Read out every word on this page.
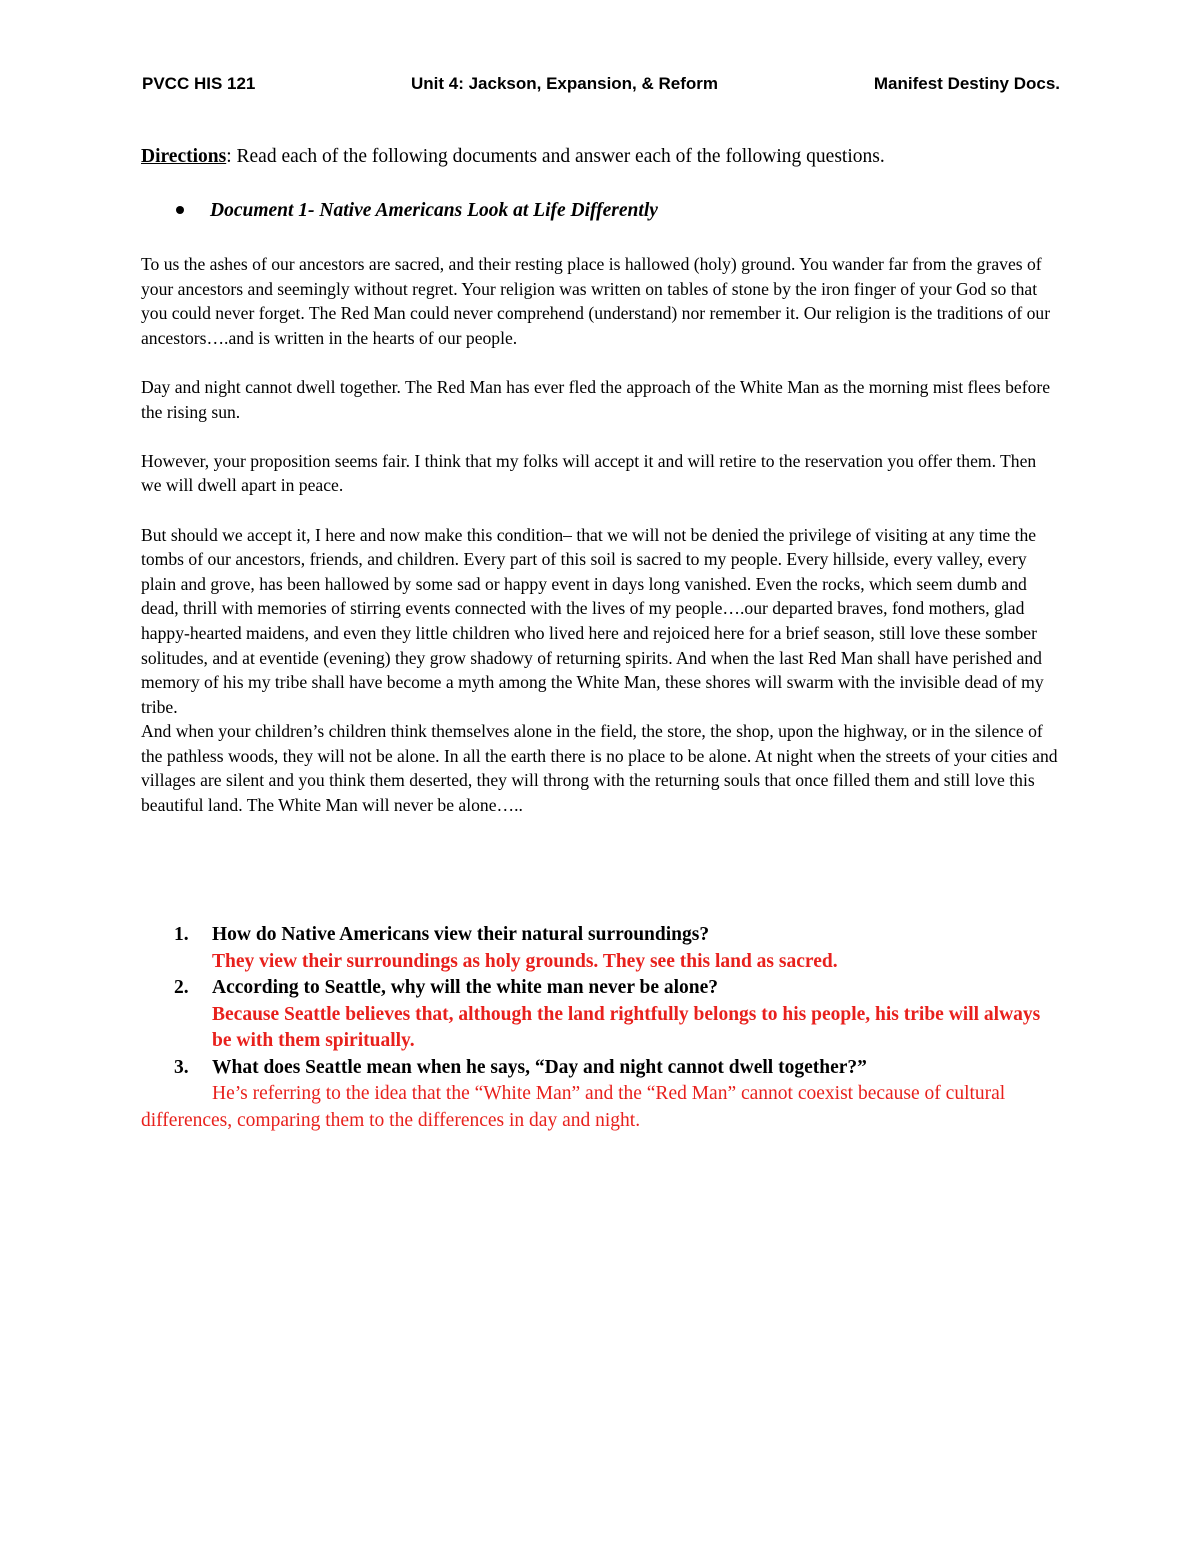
PVCC HIS 121	Unit 4: Jackson, Expansion, & Reform	Manifest Destiny Docs.
Directions: Read each of the following documents and answer each of the following questions.
Document 1- Native Americans Look at Life Differently

To us the ashes of our ancestors are sacred, and their resting place is hallowed (holy) ground. You wander far from the graves of your ancestors and seemingly without regret. Your religion was written on tables of stone by the iron finger of your God so that you could never forget. The Red Man could never comprehend (understand) nor remember it. Our religion is the traditions of our ancestors….and is written in the hearts of our people.

Day and night cannot dwell together. The Red Man has ever fled the approach of the White Man as the morning mist flees before the rising sun.

However, your proposition seems fair. I think that my folks will accept it and will retire to the reservation you offer them. Then we will dwell apart in peace.

But should we accept it, I here and now make this condition– that we will not be denied the privilege of visiting at any time the tombs of our ancestors, friends, and children. Every part of this soil is sacred to my people. Every hillside, every valley, every plain and grove, has been hallowed by some sad or happy event in days long vanished. Even the rocks, which seem dumb and dead, thrill with memories of stirring events connected with the lives of my people….our departed braves, fond mothers, glad happy-hearted maidens, and even they little children who lived here and rejoiced here for a brief season, still love these somber solitudes, and at eventide (evening) they grow shadowy of returning spirits. And when the last Red Man shall have perished and memory of his my tribe shall have become a myth among the White Man, these shores will swarm with the invisible dead of my tribe.

And when your children’s children think themselves alone in the field, the store, the shop, upon the highway, or in the silence of the pathless woods, they will not be alone. In all the earth there is no place to be alone. At night when the streets of your cities and villages are silent and you think them deserted, they will throng with the returning souls that once filled them and still love this beautiful land. The White Man will never be alone…..

1. How do Native Americans view their natural surroundings?
They view their surroundings as holy grounds. They see this land as sacred.
2. According to Seattle, why will the white man never be alone?
Because Seattle believes that, although the land rightfully belongs to his people, his tribe will always be with them spiritually.
3. What does Seattle mean when he says, “Day and night cannot dwell together?”
He’s referring to the idea that the “White Man” and the “Red Man” cannot coexist because of cultural differences, comparing them to the differences in day and night.
